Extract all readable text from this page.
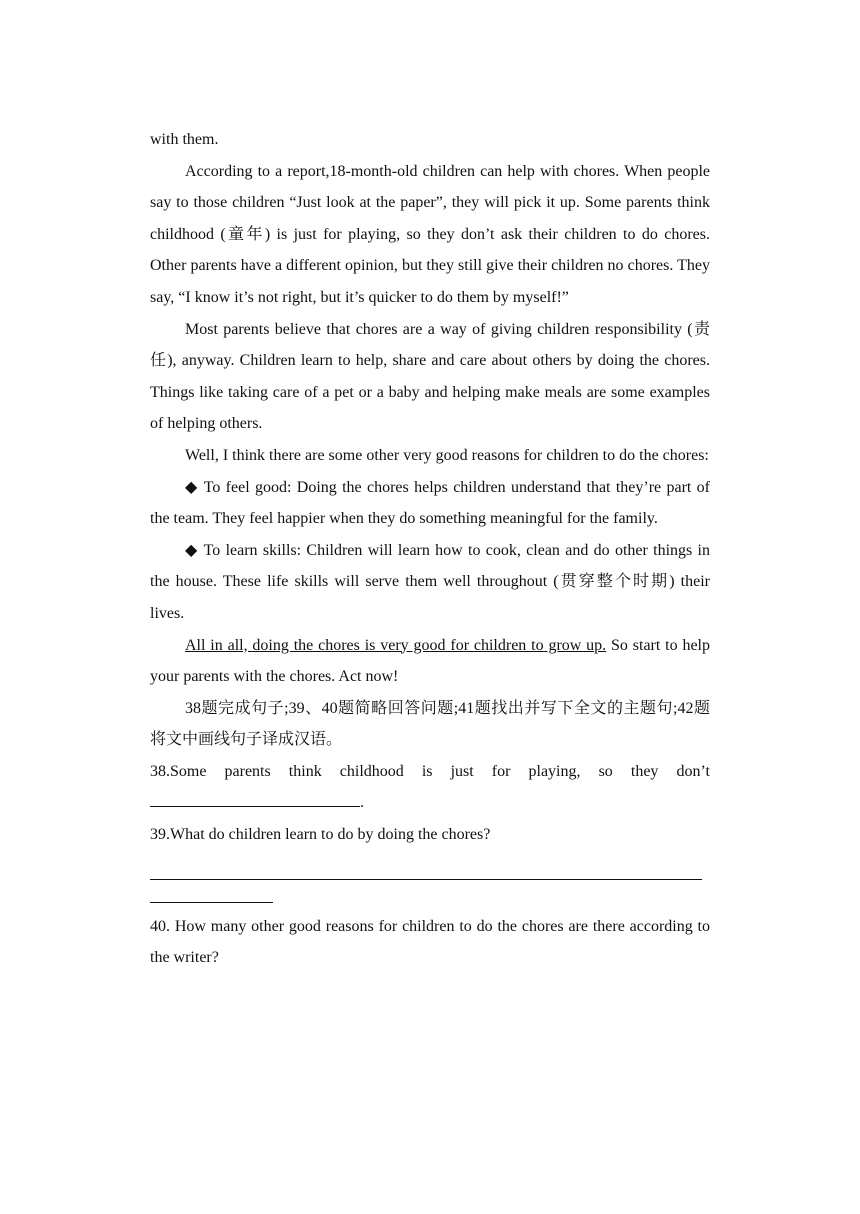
with them.

According to a report,18-month-old children can help with chores. When people say to those children “Just look at the paper”, they will pick it up. Some parents think childhood (童年) is just for playing, so they don’t ask their children to do chores. Other parents have a different opinion, but they still give their children no chores. They say, “I know it’s not right, but it’s quicker to do them by myself!”

Most parents believe that chores are a way of giving children responsibility (责任), anyway. Children learn to help, share and care about others by doing the chores. Things like taking care of a pet or a baby and helping make meals are some examples of helping others.

Well, I think there are some other very good reasons for children to do the chores:

◆ To feel good: Doing the chores helps children understand that they’re part of the team. They feel happier when they do something meaningful for the family.

◆ To learn skills: Children will learn how to cook, clean and do other things in the house. These life skills will serve them well throughout (贯穿整个时期) their lives.

All in all, doing the chores is very good for children to grow up. So start to help your parents with the chores. Act now!

38题完成句子;39、40题简略回答问题;41题找出并写下全文的主题句;42题将文中画线句子译成汉语。

38.Some parents think childhood is just for playing, so they don’t .

39.What do children learn to do by doing the chores?

40. How many other good reasons for children to do the chores are there according to the writer?
